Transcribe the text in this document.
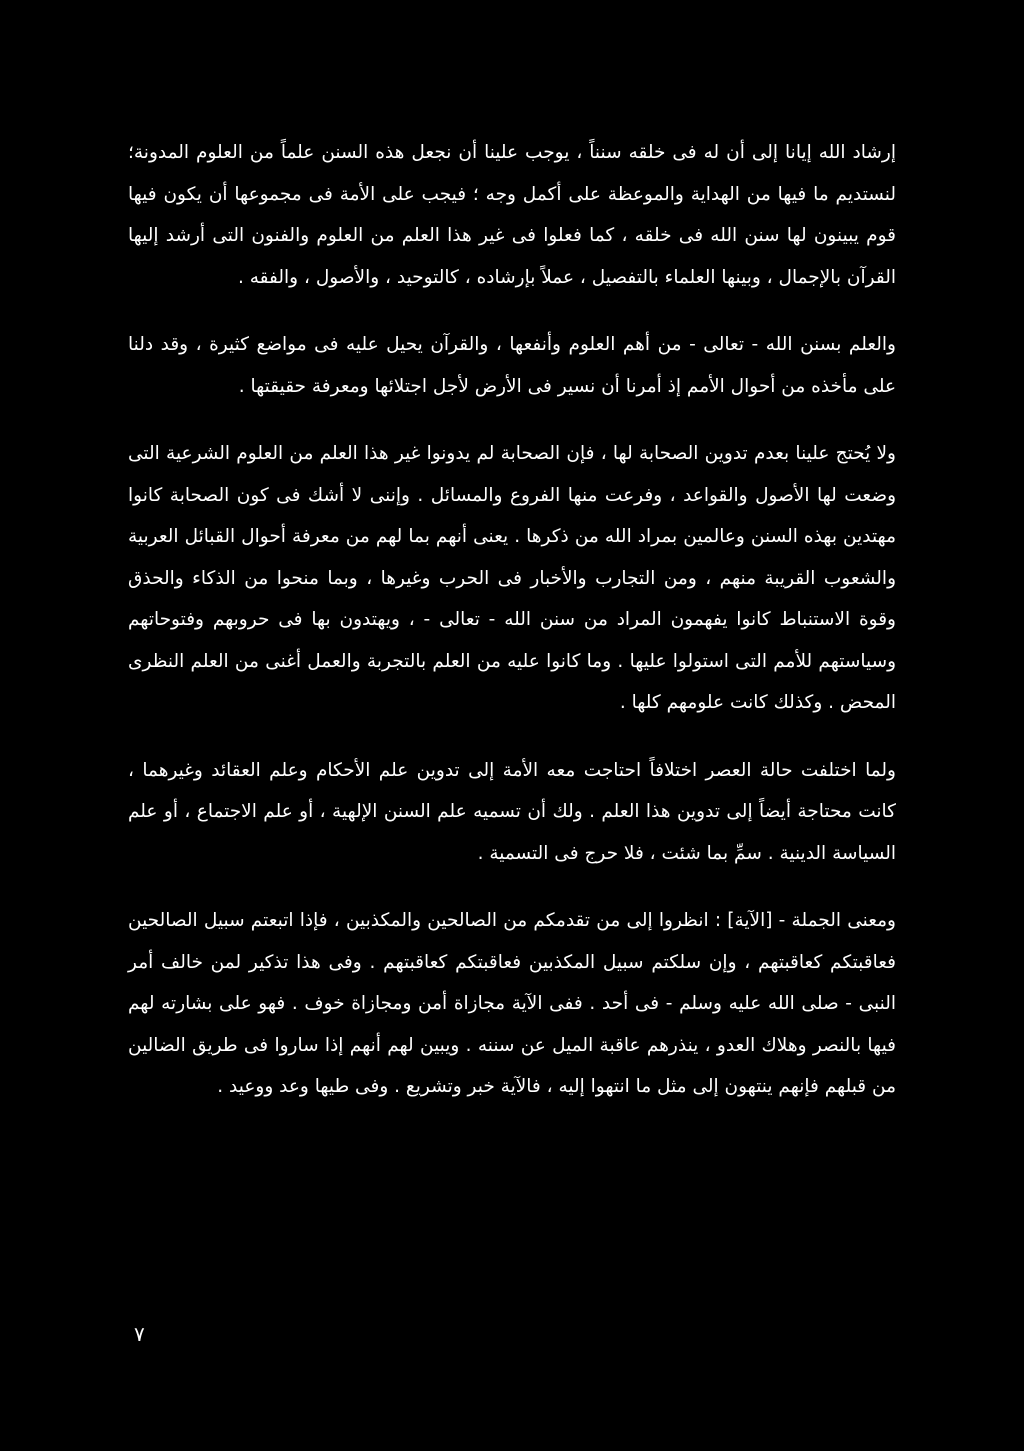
إرشاد الله إيانا إلى أن له فى خلقه سنناً ، يوجب علينا أن نجعل هذه السنن علماً من العلوم المدونة؛ لنستديم ما فيها من الهداية والموعظة على أكمل وجه ؛ فيجب على الأمة فى مجموعها أن يكون فيها قوم يبينون لها سنن الله فى خلقه ، كما فعلوا فى غير هذا العلم من العلوم والفنون التى أرشد إليها القرآن بالإجمال ، وبينها العلماء بالتفصيل ، عملاً بإرشاده ، كالتوحيد ، والأصول ، والفقه .

والعلم بسنن الله - تعالى - من أهم العلوم وأنفعها ، والقرآن يحيل عليه فى مواضع كثيرة ، وقد دلنا على مأخذه من أحوال الأمم إذ أمرنا أن نسير فى الأرض لأجل اجتلائها ومعرفة حقيقتها .

ولا يُحتج علينا بعدم تدوين الصحابة لها ، فإن الصحابة لم يدونوا غير هذا العلم من العلوم الشرعية التى وضعت لها الأصول والقواعد ، وفرعت منها الفروع والمسائل . وإننى لا أشك فى كون الصحابة كانوا مهتدين بهذه السنن وعالمين بمراد الله من ذكرها . يعنى أنهم بما لهم من معرفة أحوال القبائل العربية والشعوب القريبة منهم ، ومن التجارب والأخبار فى الحرب وغيرها ، وبما منحوا من الذكاء والحذق وقوة الاستنباط كانوا يفهمون المراد من سنن الله - تعالى - ، ويهتدون بها فى حروبهم وفتوحاتهم وسياستهم للأمم التى استولوا عليها . وما كانوا عليه من العلم بالتجربة والعمل أغنى من العلم النظرى المحض . وكذلك كانت علومهم كلها .

ولما اختلفت حالة العصر اختلافاً احتاجت معه الأمة إلى تدوين علم الأحكام وعلم العقائد وغيرهما ، كانت محتاجة أيضاً إلى تدوين هذا العلم . ولك أن تسميه علم السنن الإلهية ، أو علم الاجتماع ، أو علم السياسة الدينية . سمِّ بما شئت ، فلا حرج فى التسمية .

ومعنى الجملة - [الآية] : انظروا إلى من تقدمكم من الصالحين والمكذبين ، فإذا اتبعتم سبيل الصالحين فعاقبتكم كعاقبتهم ، وإن سلكتم سبيل المكذبين فعاقبتكم كعاقبتهم . وفى هذا تذكير لمن خالف أمر النبى - صلى الله عليه وسلم - فى أحد . ففى الآية مجازاة أمن ومجازاة خوف . فهو على بشارته لهم فيها بالنصر وهلاك العدو ، ينذرهم عاقبة الميل عن سننه . ويبين لهم أنهم إذا ساروا فى طريق الضالين من قبلهم فإنهم ينتهون إلى مثل ما انتهوا إليه ، فالآية خبر وتشريع . وفى طيها وعد ووعيد .

٧
